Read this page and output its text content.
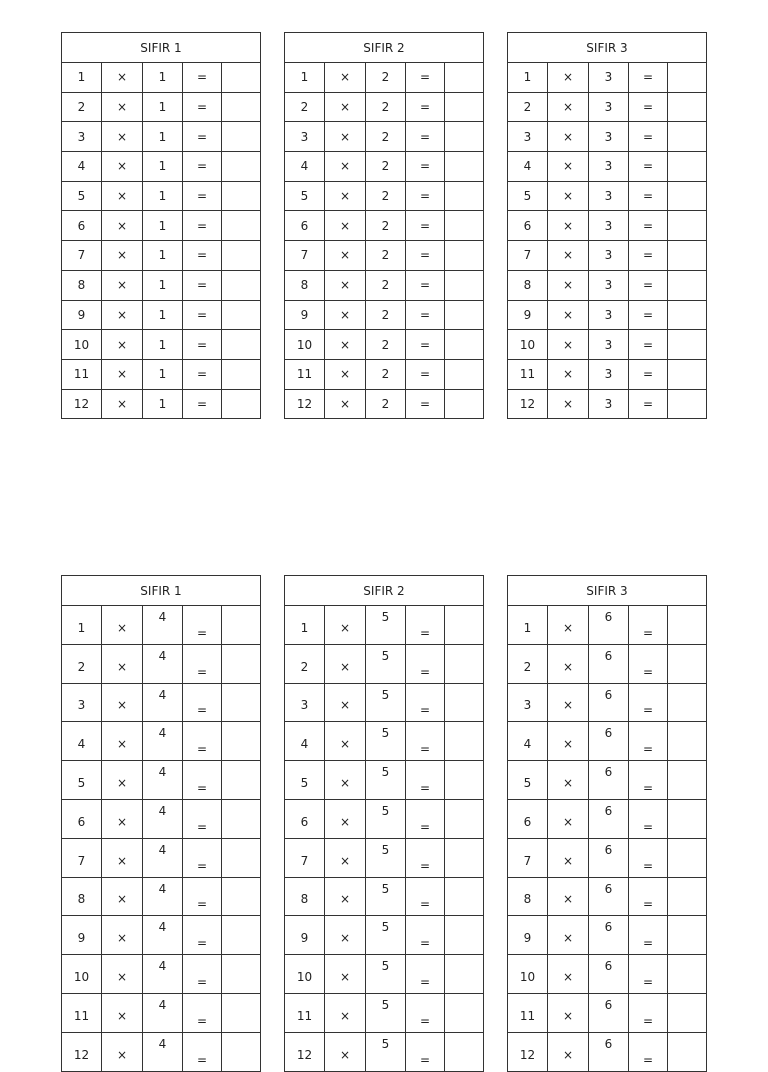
SIFIR 1				
1	×	1	=	
2	×	1	=	
3	×	1	=	
4	×	1	=	
5	×	1	=	
6	×	1	=	
7	×	1	=	
8	×	1	=	
9	×	1	=	
10	×	1	=	
11	×	1	=	
12	×	1	=	
SIFIR 2				
1	×	2	=	
2	×	2	=	
3	×	2	=	
4	×	2	=	
5	×	2	=	
6	×	2	=	
7	×	2	=	
8	×	2	=	
9	×	2	=	
10	×	2	=	
11	×	2	=	
12	×	2	=	
SIFIR 3				
1	×	3	=	
2	×	3	=	
3	×	3	=	
4	×	3	=	
5	×	3	=	
6	×	3	=	
7	×	3	=	
8	×	3	=	
9	×	3	=	
10	×	3	=	
11	×	3	=	
12	×	3	=	
SIFIR 1				
1	×	4	=	
2	×	4	=	
3	×	4	=	
4	×	4	=	
5	×	4	=	
6	×	4	=	
7	×	4	=	
8	×	4	=	
9	×	4	=	
10	×	4	=	
11	×	4	=	
12	×	4	=	
SIFIR 2				
1	×	5	=	
2	×	5	=	
3	×	5	=	
4	×	5	=	
5	×	5	=	
6	×	5	=	
7	×	5	=	
8	×	5	=	
9	×	5	=	
10	×	5	=	
11	×	5	=	
12	×	5	=	
SIFIR 3				
1	×	6	=	
2	×	6	=	
3	×	6	=	
4	×	6	=	
5	×	6	=	
6	×	6	=	
7	×	6	=	
8	×	6	=	
9	×	6	=	
10	×	6	=	
11	×	6	=	
12	×	6	=	
